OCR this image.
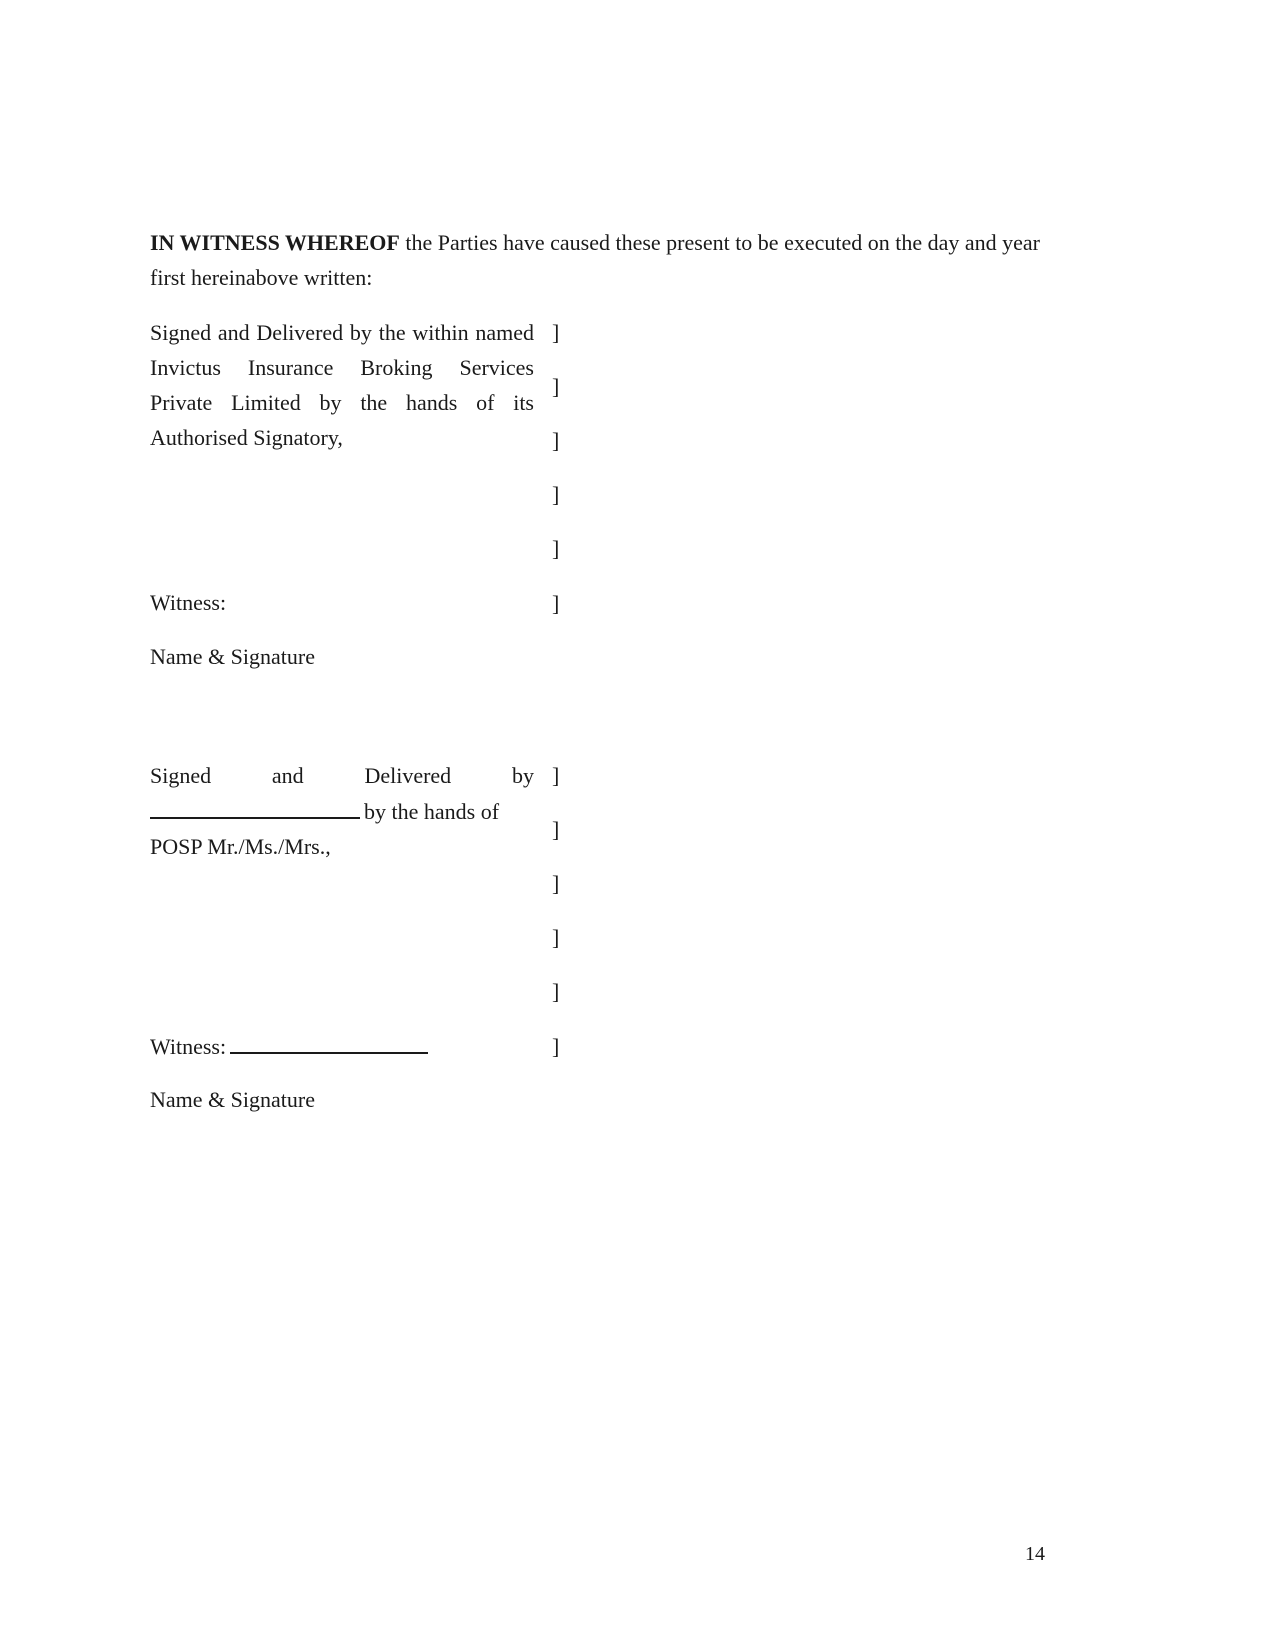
IN WITNESS WHEREOF the Parties have caused these present to be executed on the day and year first hereinabove written:

Signed and Delivered by the within named Invictus Insurance Broking Services Private Limited by the hands of its Authorised Signatory,

]
]
]
]
]
]

Witness:

Name & Signature

Signed	and	Delivered	by
by the hands of
POSP Mr./Ms./Mrs.,
]
]
]
]
]
]

Witness:

Name & Signature

14
